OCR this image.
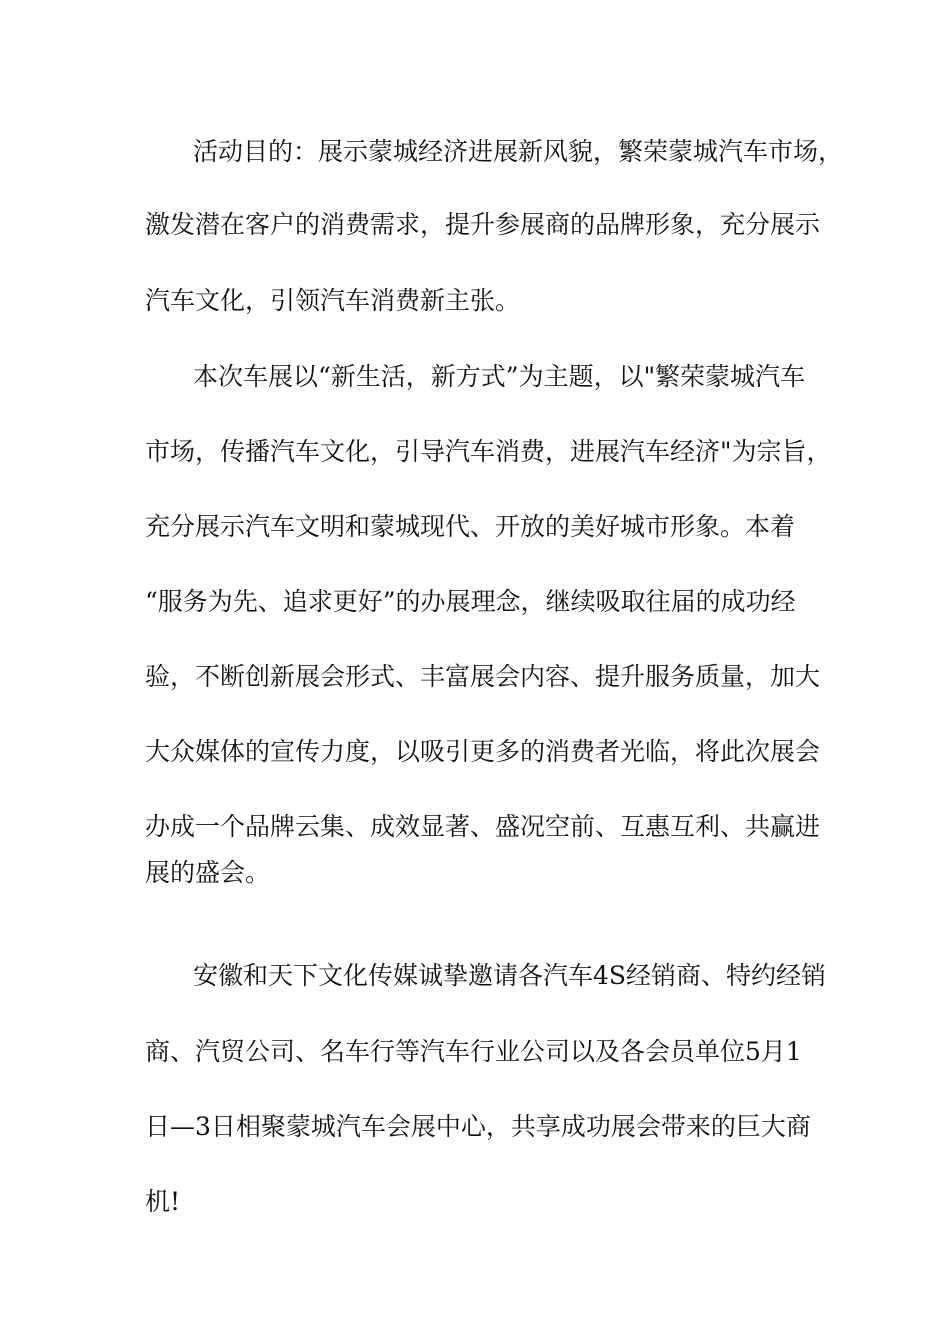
活动目的：展示蒙城经济进展新风貌，繁荣蒙城汽车市场，
激发潜在客户的消费需求，提升参展商的品牌形象，充分展示
汽车文化，引领汽车消费新主张。
本次车展以“新生活，新方式”为主题，以"繁荣蒙城汽车
市场，传播汽车文化，引导汽车消费，进展汽车经济"为宗旨，
充分展示汽车文明和蒙城现代、开放的美好城市形象。本着
“服务为先、追求更好”的办展理念，继续吸取往届的成功经
验，不断创新展会形式、丰富展会内容、提升服务质量，加大
大众媒体的宣传力度，以吸引更多的消费者光临，将此次展会
办成一个品牌云集、成效显著、盛况空前、互惠互利、共赢进
展的盛会。
安徽和天下文化传媒诚挚邀请各汽车4S经销商、特约经销
商、汽贸公司、名车行等汽车行业公司以及各会员单位5月1
日—3日相聚蒙城汽车会展中心，共享成功展会带来的巨大商
机!
